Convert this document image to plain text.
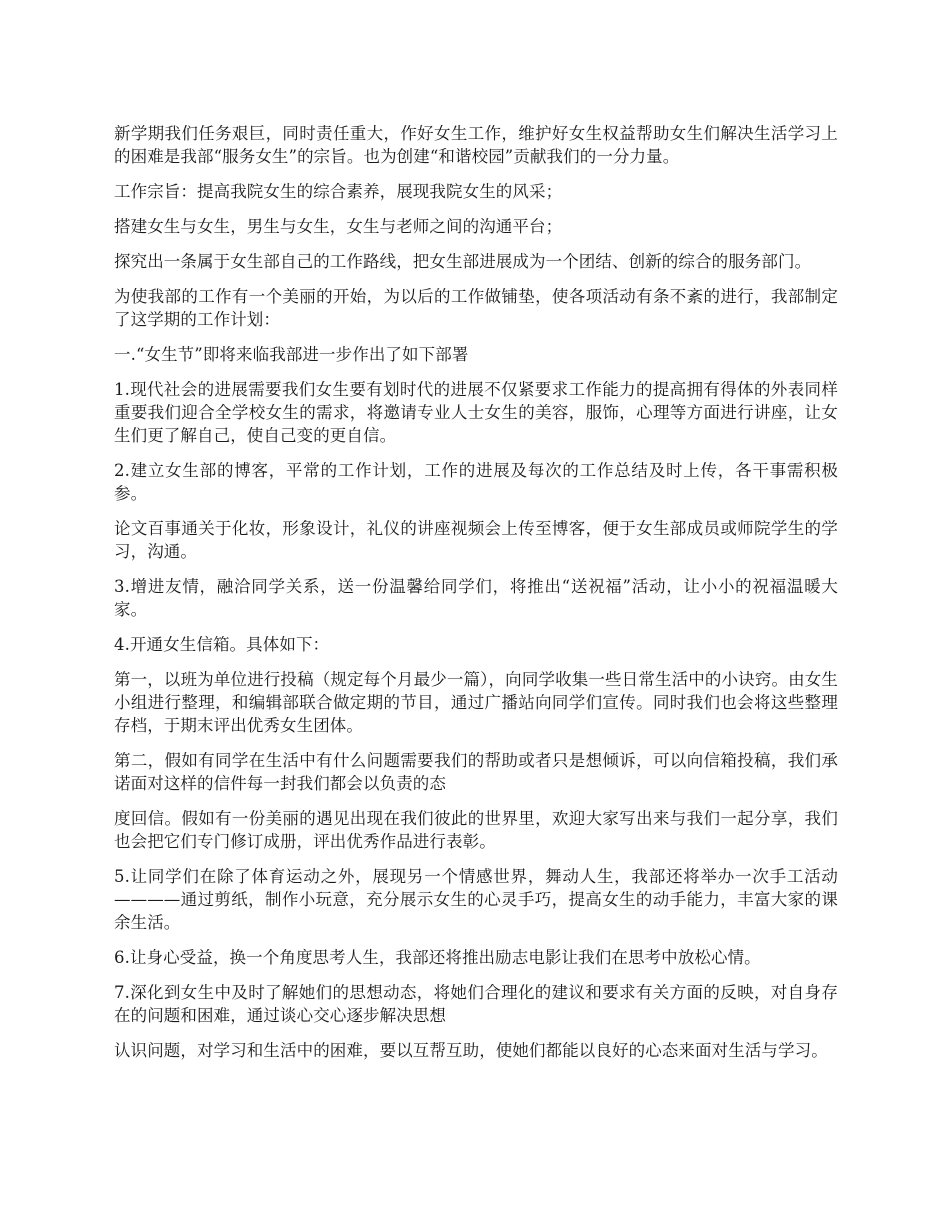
新学期我们任务艰巨，同时责任重大，作好女生工作，维护好女生权益帮助女生们解决生活学习上的困难是我部“服务女生”的宗旨。也为创建“和谐校园”贡献我们的一分力量。

工作宗旨：提高我院女生的综合素养，展现我院女生的风采；

搭建女生与女生，男生与女生，女生与老师之间的沟通平台；

探究出一条属于女生部自己的工作路线，把女生部进展成为一个团结、创新的综合的服务部门。

为使我部的工作有一个美丽的开始，为以后的工作做铺垫，使各项活动有条不紊的进行，我部制定了这学期的工作计划：

一.“女生节”即将来临我部进一步作出了如下部署

1.现代社会的进展需要我们女生要有划时代的进展不仅紧要求工作能力的提高拥有得体的外表同样重要我们迎合全学校女生的需求，将邀请专业人士女生的美容，服饰，心理等方面进行讲座，让女生们更了解自己，使自己变的更自信。

2.建立女生部的博客，平常的工作计划，工作的进展及每次的工作总结及时上传，各干事需积极参。

论文百事通关于化妆，形象设计，礼仪的讲座视频会上传至博客，便于女生部成员或师院学生的学习，沟通。

3.增进友情，融洽同学关系，送一份温馨给同学们，将推出“送祝福”活动，让小小的祝福温暖大家。

4.开通女生信箱。具体如下：

第一，以班为单位进行投稿（规定每个月最少一篇），向同学收集一些日常生活中的小诀窍。由女生小组进行整理，和编辑部联合做定期的节目，通过广播站向同学们宣传。同时我们也会将这些整理存档，于期末评出优秀女生团体。

第二，假如有同学在生活中有什么问题需要我们的帮助或者只是想倾诉，可以向信箱投稿，我们承诺面对这样的信件每一封我们都会以负责的态

度回信。假如有一份美丽的遇见出现在我们彼此的世界里，欢迎大家写出来与我们一起分享，我们也会把它们专门修订成册，评出优秀作品进行表彰。

5.让同学们在除了体育运动之外，展现另一个情感世界，舞动人生，我部还将举办一次手工活动————通过剪纸，制作小玩意，充分展示女生的心灵手巧，提高女生的动手能力，丰富大家的课余生活。

6.让身心受益，换一个角度思考人生，我部还将推出励志电影让我们在思考中放松心情。

7.深化到女生中及时了解她们的思想动态，将她们合理化的建议和要求有关方面的反映，对自身存在的问题和困难，通过谈心交心逐步解决思想

认识问题，对学习和生活中的困难，要以互帮互助，使她们都能以良好的心态来面对生活与学习。
